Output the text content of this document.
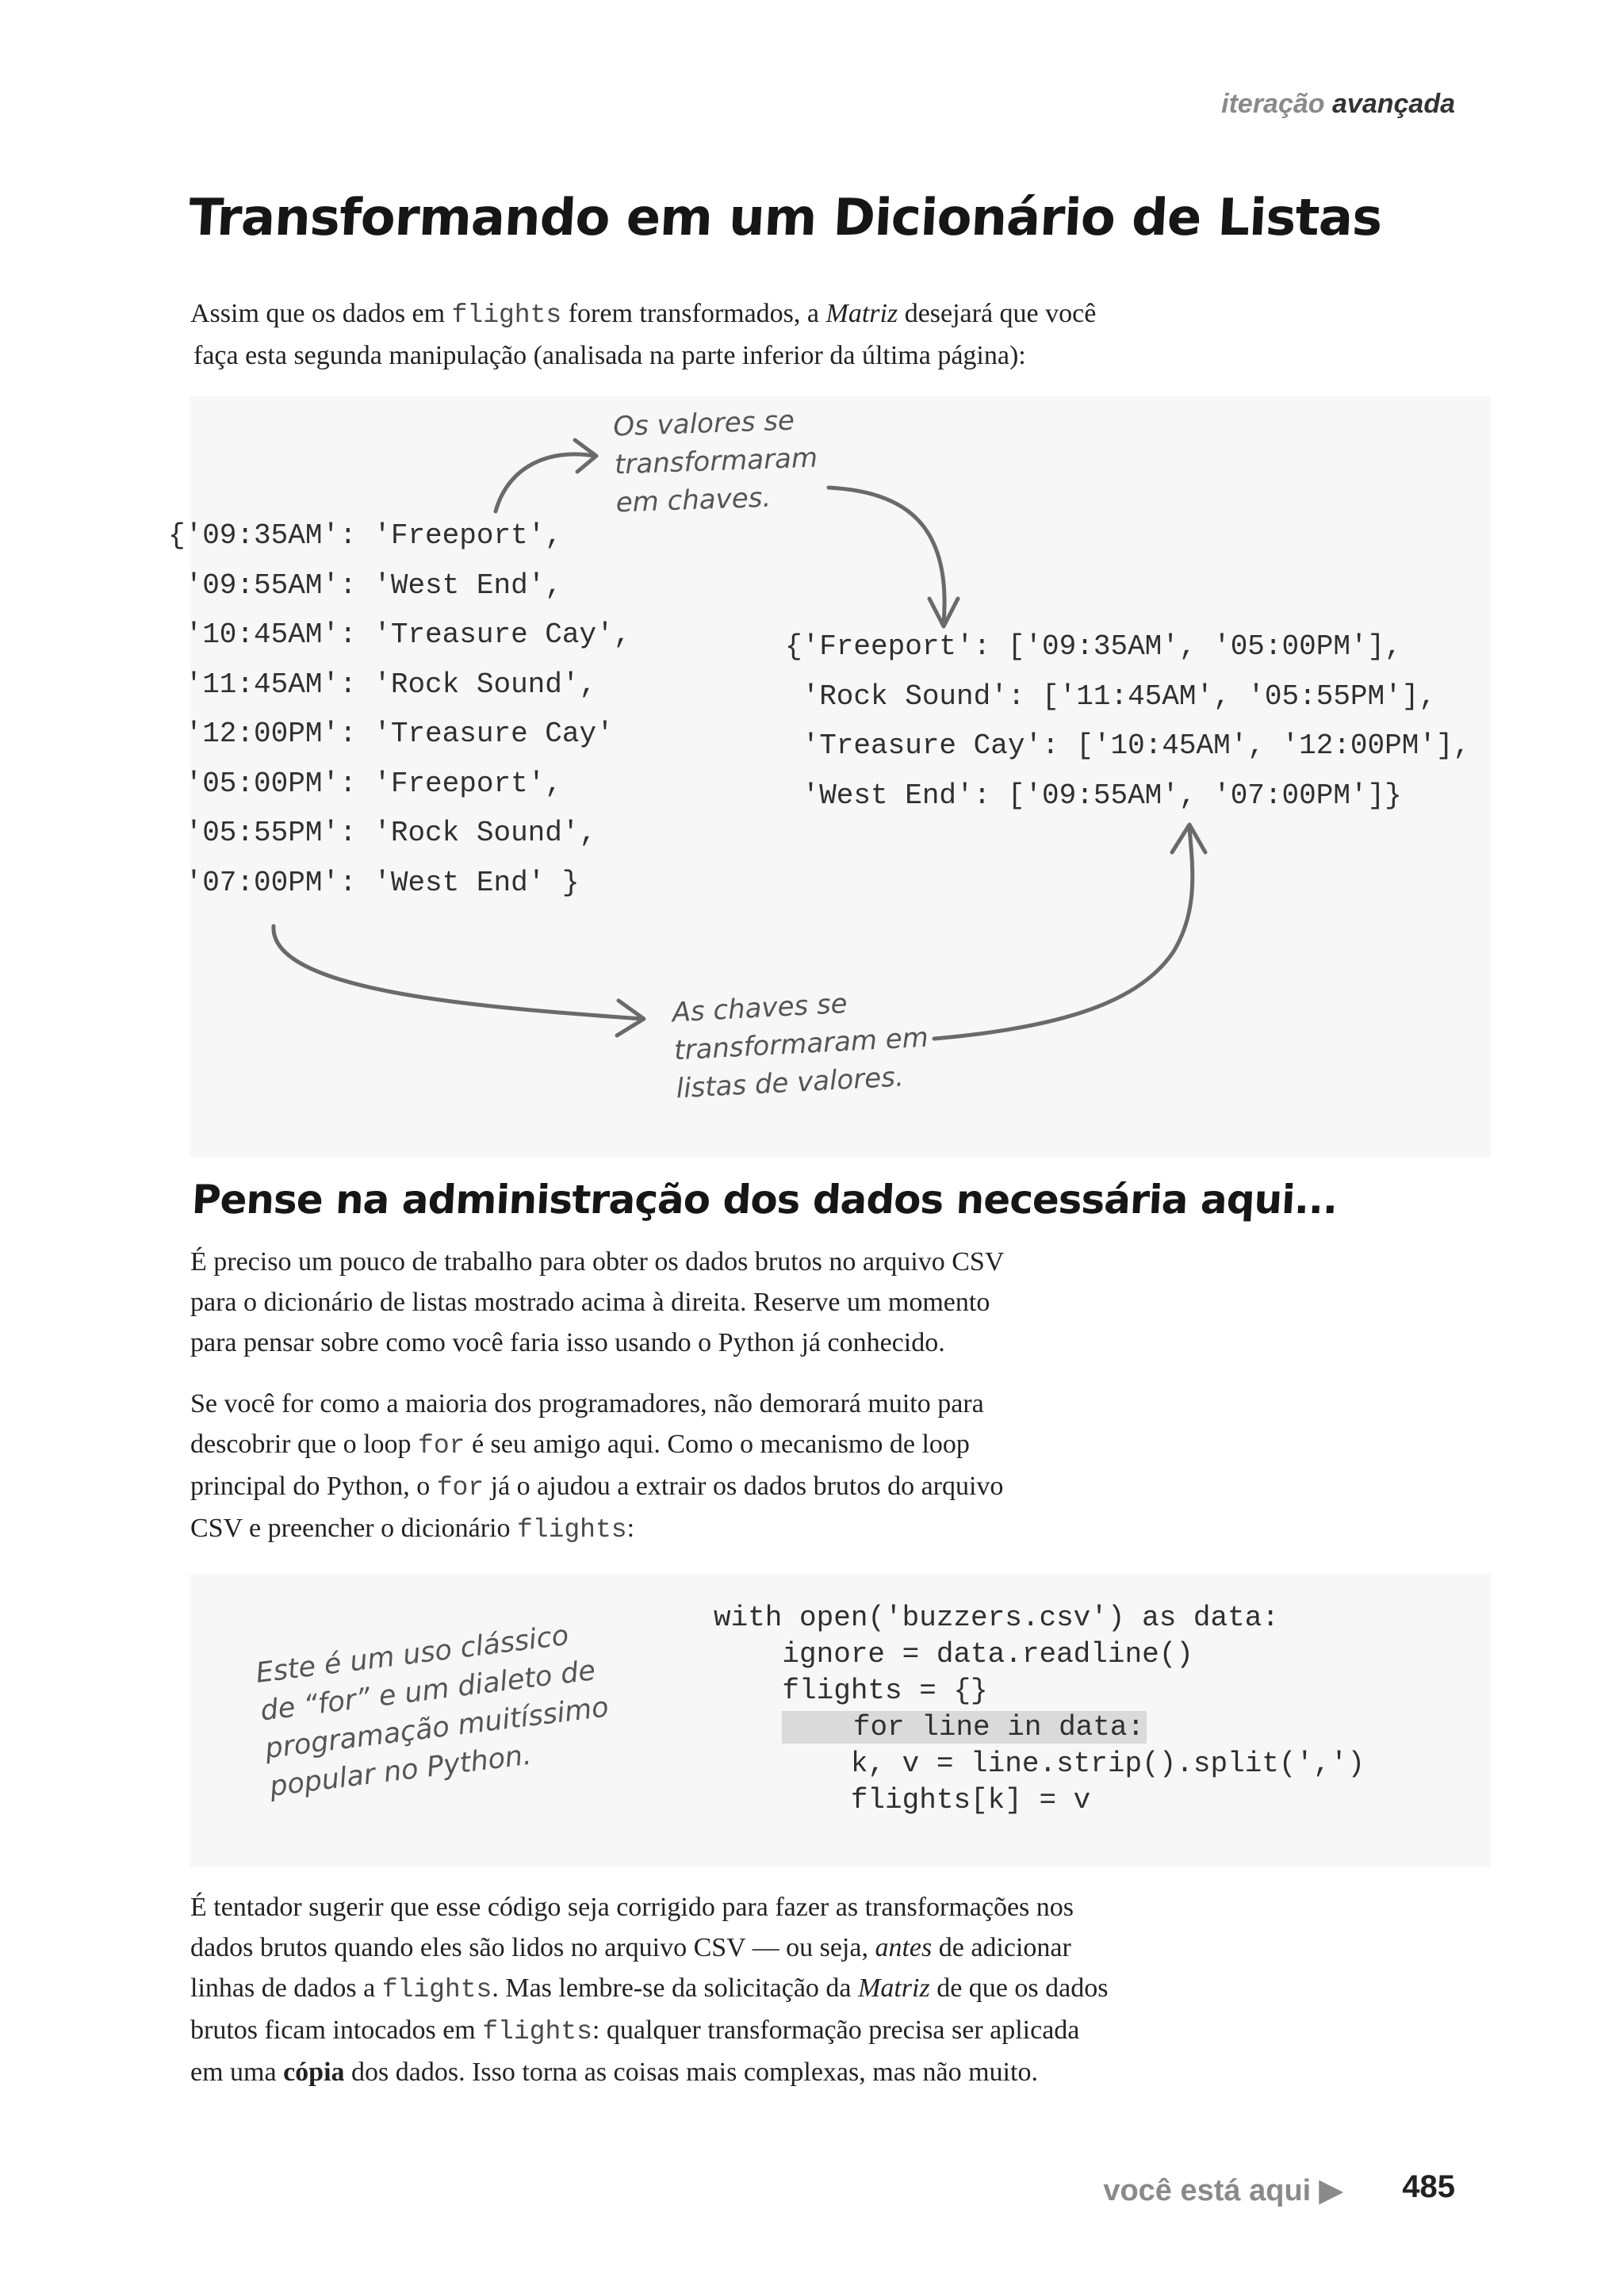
iteração avançada
Transformando em um Dicionário de Listas
Assim que os dados em flights forem transformados, a Matriz desejará que você
faça esta segunda manipulação (analisada na parte inferior da última página):
{'09:35AM': 'Freeport',
'09:55AM': 'West End',
'10:45AM': 'Treasure Cay',
'11:45AM': 'Rock Sound',
'12:00PM': 'Treasure Cay'
'05:00PM': 'Freeport',
'05:55PM': 'Rock Sound',
'07:00PM': 'West End' }
{'Freeport': ['09:35AM', '05:00PM'],
'Rock Sound': ['11:45AM', '05:55PM'],
'Treasure Cay': ['10:45AM', '12:00PM'],
'West End': ['09:55AM', '07:00PM']}
Os valores se
transformaram
em chaves.
As chaves se
transformaram em
listas de valores.
Pense na administração dos dados necessária aqui...
É preciso um pouco de trabalho para obter os dados brutos no arquivo CSV
para o dicionário de listas mostrado acima à direita. Reserve um momento
para pensar sobre como você faria isso usando o Python já conhecido.
Se você for como a maioria dos programadores, não demorará muito para
descobrir que o loop for é seu amigo aqui. Como o mecanismo de loop
principal do Python, o for já o ajudou a extrair os dados brutos do arquivo
CSV e preencher o dicionário flights:
with open('buzzers.csv') as data:
ignore = data.readline()
flights = {}
for line in data:
k, v = line.strip().split(',')
flights[k] = v
Este é um uso clássico
de “for” e um dialeto de
programação muitíssimo
popular no Python.
É tentador sugerir que esse código seja corrigido para fazer as transformações nos
dados brutos quando eles são lidos no arquivo CSV — ou seja, antes de adicionar
linhas de dados a flights. Mas lembre-se da solicitação da Matriz de que os dados
brutos ficam intocados em flights: qualquer transformação precisa ser aplicada
em uma cópia dos dados. Isso torna as coisas mais complexas, mas não muito.
você está aqui ▶ 485
